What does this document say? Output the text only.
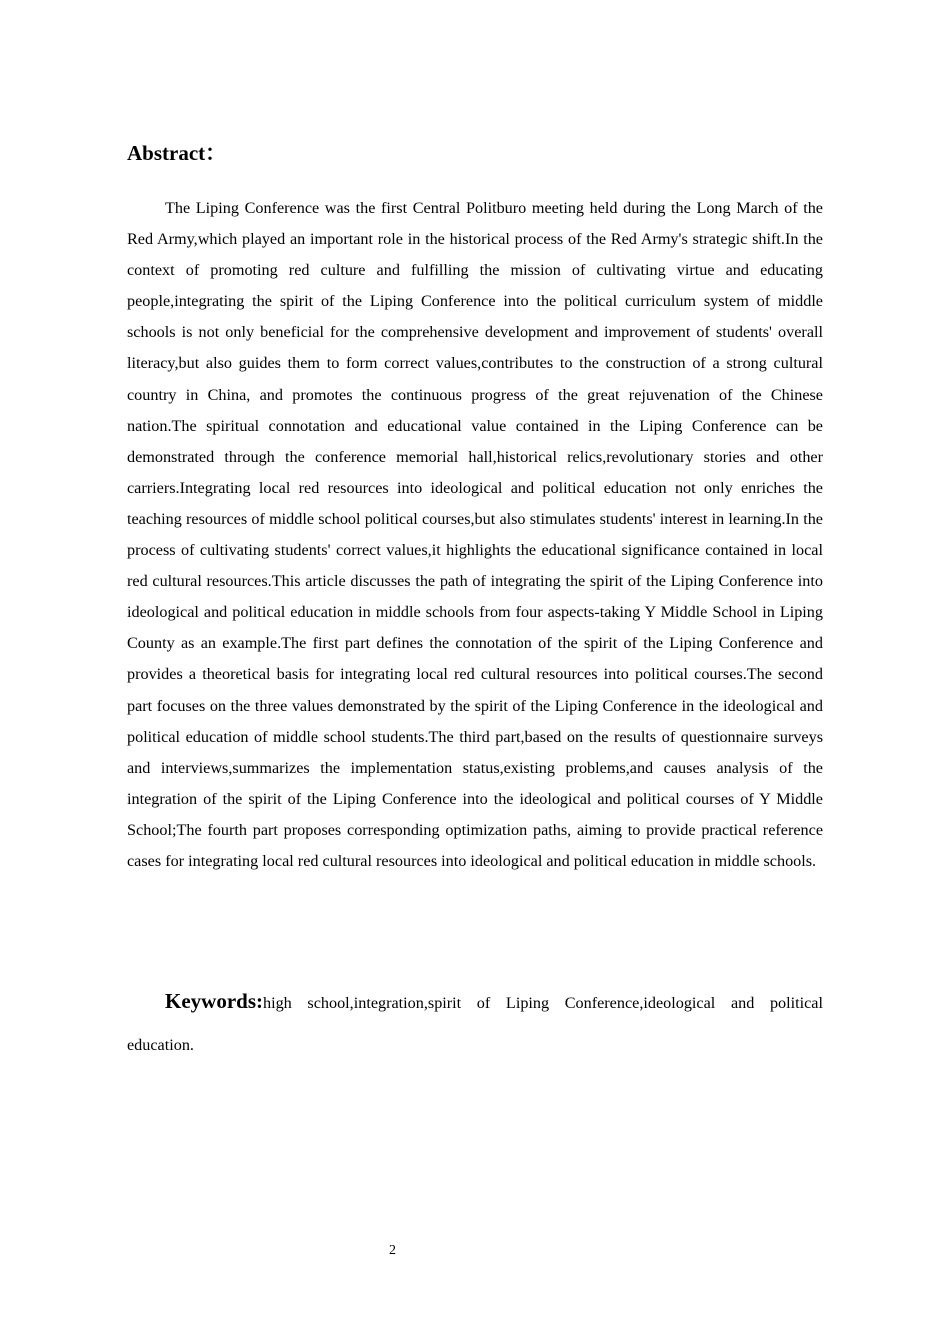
Abstract：

The Liping Conference was the first Central Politburo meeting held during the Long March of the Red Army,which played an important role in the historical process of the Red Army's strategic shift.In the context of promoting red culture and fulfilling the mission of cultivating virtue and educating people,integrating the spirit of the Liping Conference into the political curriculum system of middle schools is not only beneficial for the comprehensive development and improvement of students' overall literacy,but also guides them to form correct values,contributes to the construction of a strong cultural country in China, and promotes the continuous progress of the great rejuvenation of the Chinese nation.The spiritual connotation and educational value contained in the Liping Conference can be demonstrated through the conference memorial hall,historical relics,revolutionary stories and other carriers.Integrating local red resources into ideological and political education not only enriches the teaching resources of middle school political courses,but also stimulates students' interest in learning.In the process of cultivating students' correct values,it highlights the educational significance contained in local red cultural resources.This article discusses the path of integrating the spirit of the Liping Conference into ideological and political education in middle schools from four aspects-taking Y Middle School in Liping County as an example.The first part defines the connotation of the spirit of the Liping Conference and provides a theoretical basis for integrating local red cultural resources into political courses.The second part focuses on the three values demonstrated by the spirit of the Liping Conference in the ideological and political education of middle school students.The third part,based on the results of questionnaire surveys and interviews,summarizes the implementation status,existing problems,and causes analysis of the integration of the spirit of the Liping Conference into the ideological and political courses of Y Middle School;The fourth part proposes corresponding optimization paths, aiming to provide practical reference cases for integrating local red cultural resources into ideological and political education in middle schools.

Keywords:high school,integration,spirit of Liping Conference,ideological and political education.

2
